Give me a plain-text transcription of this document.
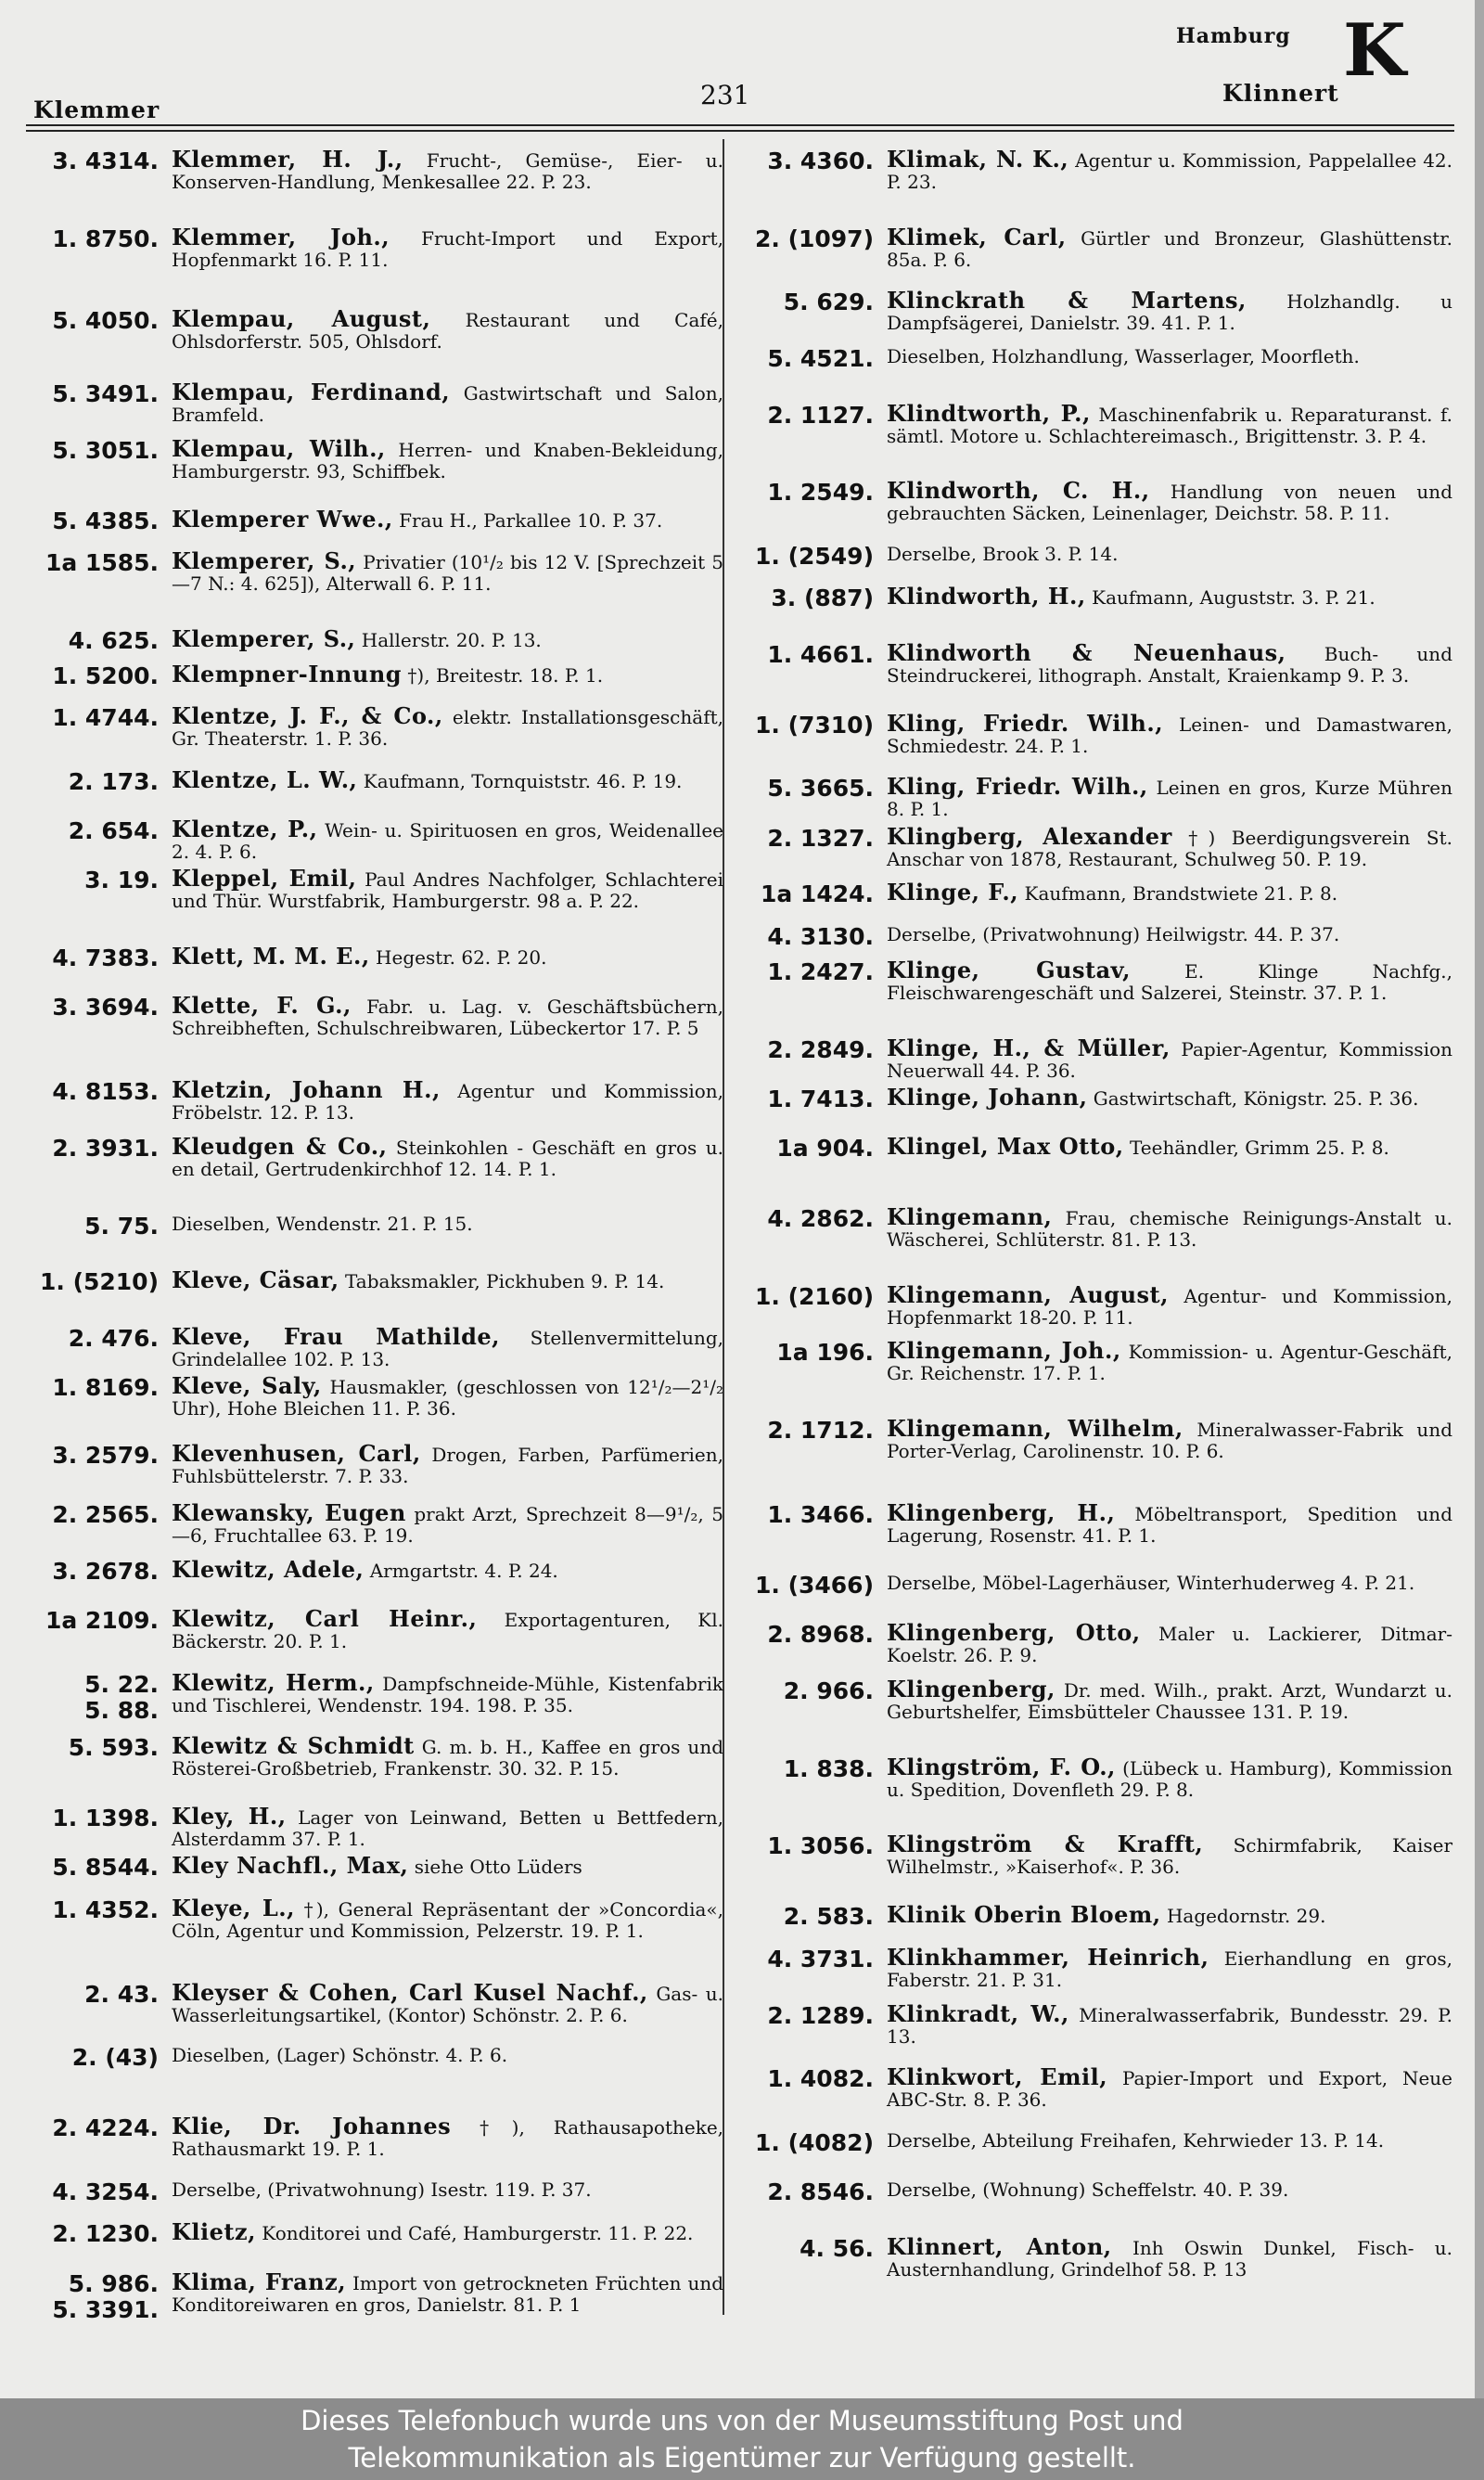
Klemmer	231
Hamburg
Klinnert
K
3. 4314. Klemmer, H. J., Frucht-, Gemüse-, Eier- u. Konserven-Handlung, Menkesallee 22. P. 23.
1. 8750. Klemmer, Joh., Frucht-Import und Export, Hopfenmarkt 16. P. 11.
5. 4050. Klempau, August, Restaurant und Café, Ohlsdorferstr. 505, Ohlsdorf.
5. 3491. Klempau, Ferdinand, Gastwirtschaft und Salon, Bramfeld.
5. 3051. Klempau, Wilh., Herren- und Knaben-Bekleidung, Hamburgerstr. 93, Schiffbek.
5. 4385. Klemperer Wwe., Frau H., Parkallee 10. P. 37.
1a 1585. Klemperer, S., Privatier (10¹/₂ bis 12 V. [Sprechzeit 5—7 N.: 4. 625]), Alterwall 6. P. 11.
4. 625. Klemperer, S., Hallerstr. 20. P. 13.
1. 5200. Klempner-Innung †), Breitestr. 18. P. 1.
1. 4744. Klentze, J. F., & Co., elektr. Installationsgeschäft, Gr. Theaterstr. 1. P. 36.
2. 173. Klentze, L. W., Kaufmann, Tornquiststr. 46. P. 19.
2. 654. Klentze, P., Wein- u. Spirituosen en gros, Weidenallee 2. 4. P. 6.
3. 19. Kleppel, Emil, Paul Andres Nachfolger, Schlachterei und Thür. Wurstfabrik, Hamburgerstr. 98 a. P. 22.
4. 7383. Klett, M. M. E., Hegestr. 62. P. 20.
3. 3694. Klette, F. G., Fabr. u. Lag. v. Geschäftsbüchern, Schreibheften, Schulschreibwaren, Lübeckertor 17. P. 5
4. 8153. Kletzin, Johann H., Agentur und Kommission, Fröbelstr. 12. P. 13.
2. 3931. Kleudgen & Co., Steinkohlen - Geschäft en gros u. en detail, Gertrudenkirchhof 12. 14. P. 1.
5. 75. Dieselben, Wendenstr. 21. P. 15.
1. (5210) Kleve, Cäsar, Tabaksmakler, Pickhuben 9. P. 14.
2. 476. Kleve, Frau Mathilde, Stellenvermittelung, Grindelallee 102. P. 13.
1. 8169. Kleve, Saly, Hausmakler, (geschlossen von 12¹/₂—2¹/₂ Uhr), Hohe Bleichen 11. P. 36.
3. 2579. Klevenhusen, Carl, Drogen, Farben, Parfümerien, Fuhlsbüttelerstr. 7. P. 33.
2. 2565. Klewansky, Eugen prakt Arzt, Sprechzeit 8—9¹/₂, 5—6, Fruchtallee 63. P. 19.
3. 2678. Klewitz, Adele, Armgartstr. 4. P. 24.
1a 2109. Klewitz, Carl Heinr., Exportagenturen, Kl. Bäckerstr. 20. P. 1.
5. 22.
5. 88.
Klewitz, Herm., Dampfschneide-Mühle, Kistenfabrik und Tischlerei, Wendenstr. 194. 198. P. 35.
5. 593. Klewitz & Schmidt G. m. b. H., Kaffee en gros und Rösterei-Großbetrieb, Frankenstr. 30. 32. P. 15.
1. 1398. Kley, H., Lager von Leinwand, Betten u Bettfedern, Alsterdamm 37. P. 1.
5. 8544. Kley Nachfl., Max, siehe Otto Lüders
1. 4352. Kleye, L., †), General Repräsentant der »Concordia«, Cöln, Agentur und Kommission, Pelzerstr. 19. P. 1.
2. 43. Kleyser & Cohen, Carl Kusel Nachf., Gas- u. Wasserleitungsartikel, (Kontor) Schönstr. 2. P. 6.
2. (43) Dieselben, (Lager) Schönstr. 4. P. 6.
2. 4224. Klie, Dr. Johannes †), Rathausapotheke, Rathausmarkt 19. P. 1.
4. 3254. Derselbe, (Privatwohnung) Isestr. 119. P. 37.
2. 1230. Klietz, Konditorei und Café, Hamburgerstr. 11. P. 22.
5. 986.
5. 3391.
Klima, Franz, Import von getrockneten Früchten und Konditoreiwaren en gros, Danielstr. 81. P. 1
3. 4360. Klimak, N. K., Agentur u. Kommission, Pappelallee 42. P. 23.
2. (1097) Klimek, Carl, Gürtler und Bronzeur, Glashüttenstr. 85a. P. 6.
5. 629. Klinckrath & Martens, Holzhandlg. u Dampfsägerei, Danielstr. 39. 41. P. 1.
5. 4521. Dieselben, Holzhandlung, Wasserlager, Moorfleth.
2. 1127. Klindtworth, P., Maschinenfabrik u. Reparaturanst. f. sämtl. Motore u. Schlachtereimasch., Brigittenstr. 3. P. 4.
1. 2549. Klindworth, C. H., Handlung von neuen und gebrauchten Säcken, Leinenlager, Deichstr. 58. P. 11.
1. (2549) Derselbe, Brook 3. P. 14.
3. (887) Klindworth, H., Kaufmann, Auguststr. 3. P. 21.
1. 4661. Klindworth & Neuenhaus, Buch- und Steindruckerei, lithograph. Anstalt, Kraienkamp 9. P. 3.
1. (7310) Kling, Friedr. Wilh., Leinen- und Damastwaren, Schmiedestr. 24. P. 1.
5. 3665. Kling, Friedr. Wilh., Leinen en gros, Kurze Mühren 8. P. 1.
2. 1327. Klingberg, Alexander †) Beerdigungsverein St. Anschar von 1878, Restaurant, Schulweg 50. P. 19.
1a 1424. Klinge, F., Kaufmann, Brandstwiete 21. P. 8.
4. 3130. Derselbe, (Privatwohnung) Heilwigstr. 44. P. 37.
1. 2427. Klinge, Gustav,	E. Klinge Nachfg., Fleischwarengeschäft und Salzerei, Steinstr. 37. P. 1.
2. 2849. Klinge, H., & Müller, Papier-Agentur, Kommission Neuerwall 44. P. 36.
1. 7413. Klinge, Johann, Gastwirtschaft, Königstr. 25. P. 36.
1a 904. Klingel, Max Otto, Teehändler, Grimm 25. P. 8.
4. 2862. Klingemann, Frau, chemische Reinigungs-Anstalt u. Wäscherei, Schlüterstr. 81. P. 13.
1. (2160) Klingemann, August, Agentur- und Kommission, Hopfenmarkt 18-20. P. 11.
1a 196. Klingemann, Joh., Kommission- u. Agentur-Geschäft, Gr. Reichenstr. 17. P. 1.
2. 1712. Klingemann, Wilhelm, Mineralwasser-Fabrik und Porter-Verlag, Carolinenstr. 10. P. 6.
1. 3466. Klingenberg, H., Möbeltransport, Spedition und Lagerung, Rosenstr. 41. P. 1.
1. (3466) Derselbe, Möbel-Lagerhäuser, Winterhuderweg 4. P. 21.
2. 8968. Klingenberg, Otto, Maler u. Lackierer, Ditmar-Koelstr. 26. P. 9.
2. 966. Klingenberg, Dr. med. Wilh., prakt. Arzt, Wundarzt u. Geburtshelfer, Eimsbütteler Chaussee 131. P. 19.
1. 838. Klingström, F. O., (Lübeck u. Hamburg), Kommission u. Spedition, Dovenfleth 29. P. 8.
1. 3056. Klingström & Krafft, Schirmfabrik, Kaiser Wilhelmstr., »Kaiserhof«. P. 36.
2. 583. Klinik Oberin Bloem, Hagedornstr. 29.
4. 3731. Klinkhammer, Heinrich, Eierhandlung en gros, Faberstr. 21. P. 31.
2. 1289. Klinkradt, W., Mineralwasserfabrik, Bundesstr. 29. P. 13.
1. 4082. Klinkwort, Emil, Papier-Import und Export, Neue ABC-Str. 8. P. 36.
1. (4082) Derselbe, Abteilung Freihafen, Kehrwieder 13. P. 14.
2. 8546. Derselbe, (Wohnung) Scheffelstr. 40. P. 39.
4. 56. Klinnert, Anton, Inh Oswin Dunkel, Fisch- u. Austernhandlung, Grindelhof 58. P. 13
Dieses Telefonbuch wurde uns von der Museumsstiftung Post und
Telekommunikation als Eigentümer zur Verfügung gestellt.
